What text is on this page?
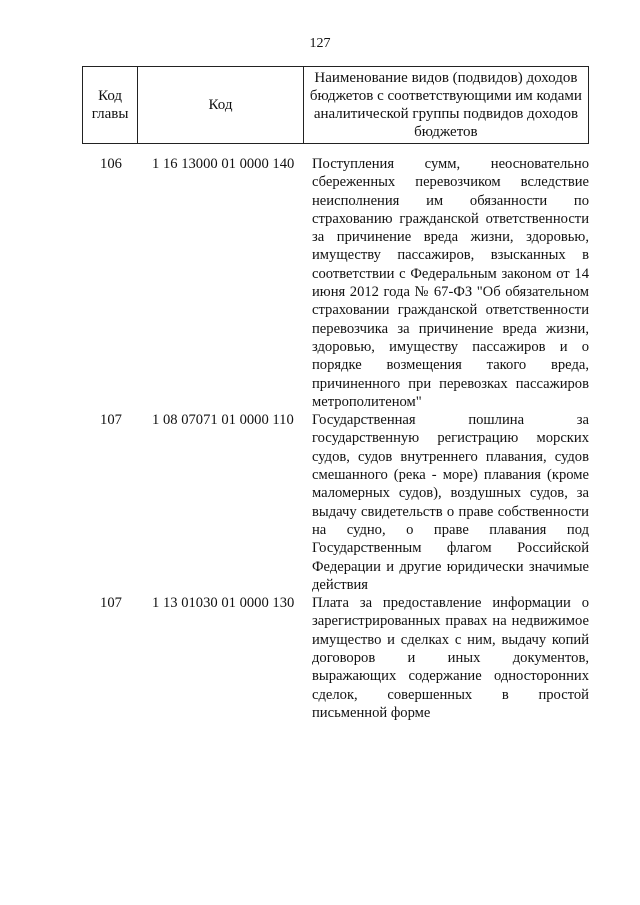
127
Код главы	Код	Наименование видов (подвидов) доходов бюджетов с соответствующими им кодами аналитической группы подвидов доходов бюджетов
106	1 16 13000 01 0000 140	Поступления сумм, неосновательно сбереженных перевозчиком вследствие неисполнения им обязанности по страхованию гражданской ответственности за причинение вреда жизни, здоровью, имуществу пассажиров, взысканных в соответствии с Федеральным законом от 14 июня 2012 года № 67-ФЗ "Об обязательном страховании гражданской ответственности перевозчика за причинение вреда жизни, здоровью, имуществу пассажиров и о порядке возмещения такого вреда, причиненного при перевозках пассажиров метрополитеном"
107	1 08 07071 01 0000 110	Государственная пошлина за государственную регистрацию морских судов, судов внутреннего плавания, судов смешанного (река - море) плавания (кроме маломерных судов), воздушных судов, за выдачу свидетельств о праве собственности на судно, о праве плавания под Государственным флагом Российской Федерации и другие юридически значимые действия
107	1 13 01030 01 0000 130	Плата за предоставление информации о зарегистрированных правах на недвижимое имущество и сделках с ним, выдачу копий договоров и иных документов, выражающих содержание односторонних сделок, совершенных в простой письменной форме
